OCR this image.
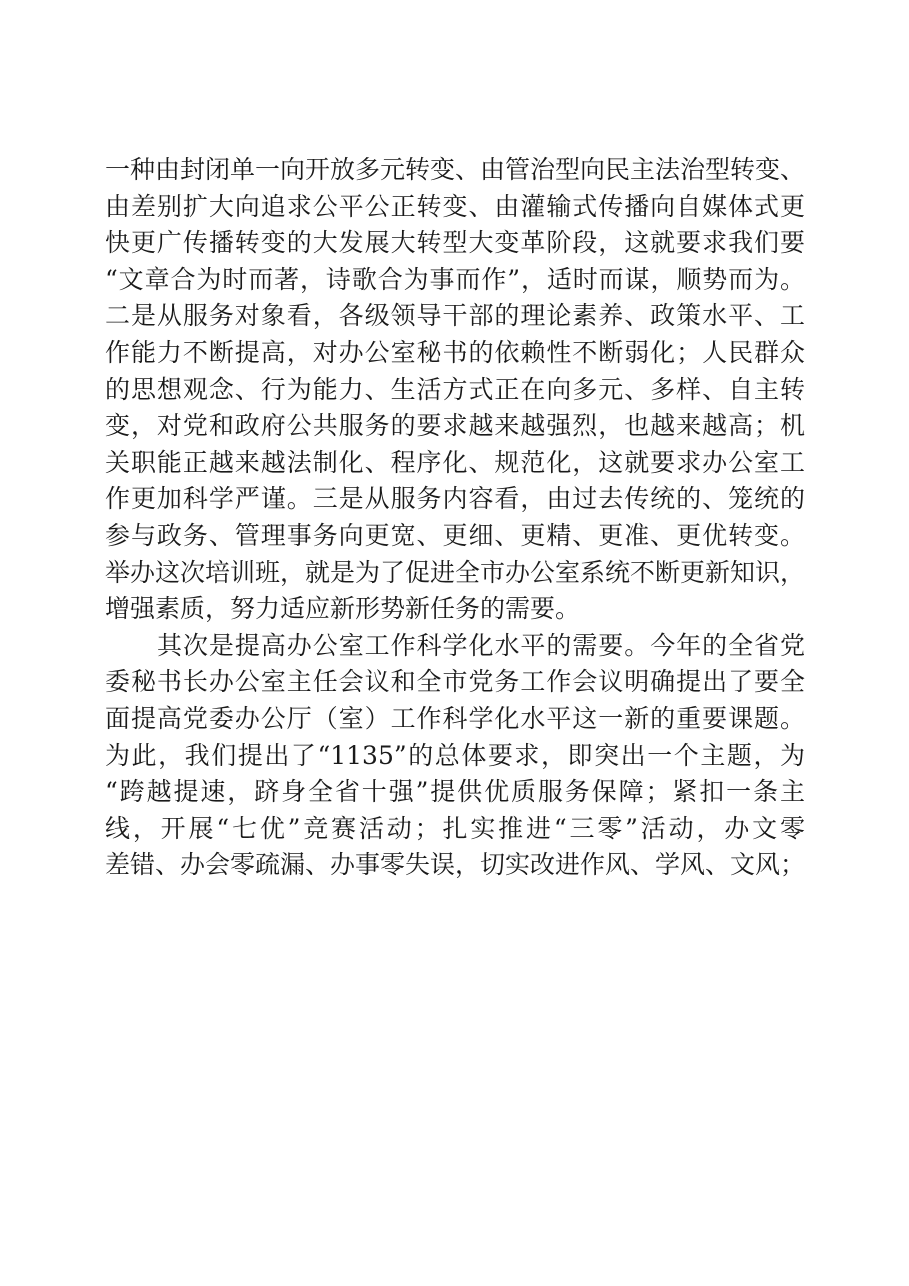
一种由封闭单一向开放多元转变、由管治型向民主法治型转变、
由差别扩大向追求公平公正转变、由灌输式传播向自媒体式更
快更广传播转变的大发展大转型大变革阶段，这就要求我们要
“文章合为时而著，诗歌合为事而作”，适时而谋，顺势而为。
二是从服务对象看，各级领导干部的理论素养、政策水平、工
作能力不断提高，对办公室秘书的依赖性不断弱化；人民群众
的思想观念、行为能力、生活方式正在向多元、多样、自主转
变，对党和政府公共服务的要求越来越强烈，也越来越高；机
关职能正越来越法制化、程序化、规范化，这就要求办公室工
作更加科学严谨。三是从服务内容看，由过去传统的、笼统的
参与政务、管理事务向更宽、更细、更精、更准、更优转变。
举办这次培训班，就是为了促进全市办公室系统不断更新知识，
增强素质，努力适应新形势新任务的需要。
其次是提高办公室工作科学化水平的需要。今年的全省党
委秘书长办公室主任会议和全市党务工作会议明确提出了要全
面提高党委办公厅（室）工作科学化水平这一新的重要课题。
为此，我们提出了“1135”的总体要求，即突出一个主题，为
“跨越提速，跻身全省十强”提供优质服务保障；紧扣一条主
线，开展“七优”竞赛活动；扎实推进“三零”活动，办文零
差错、办会零疏漏、办事零失误，切实改进作风、学风、文风；
